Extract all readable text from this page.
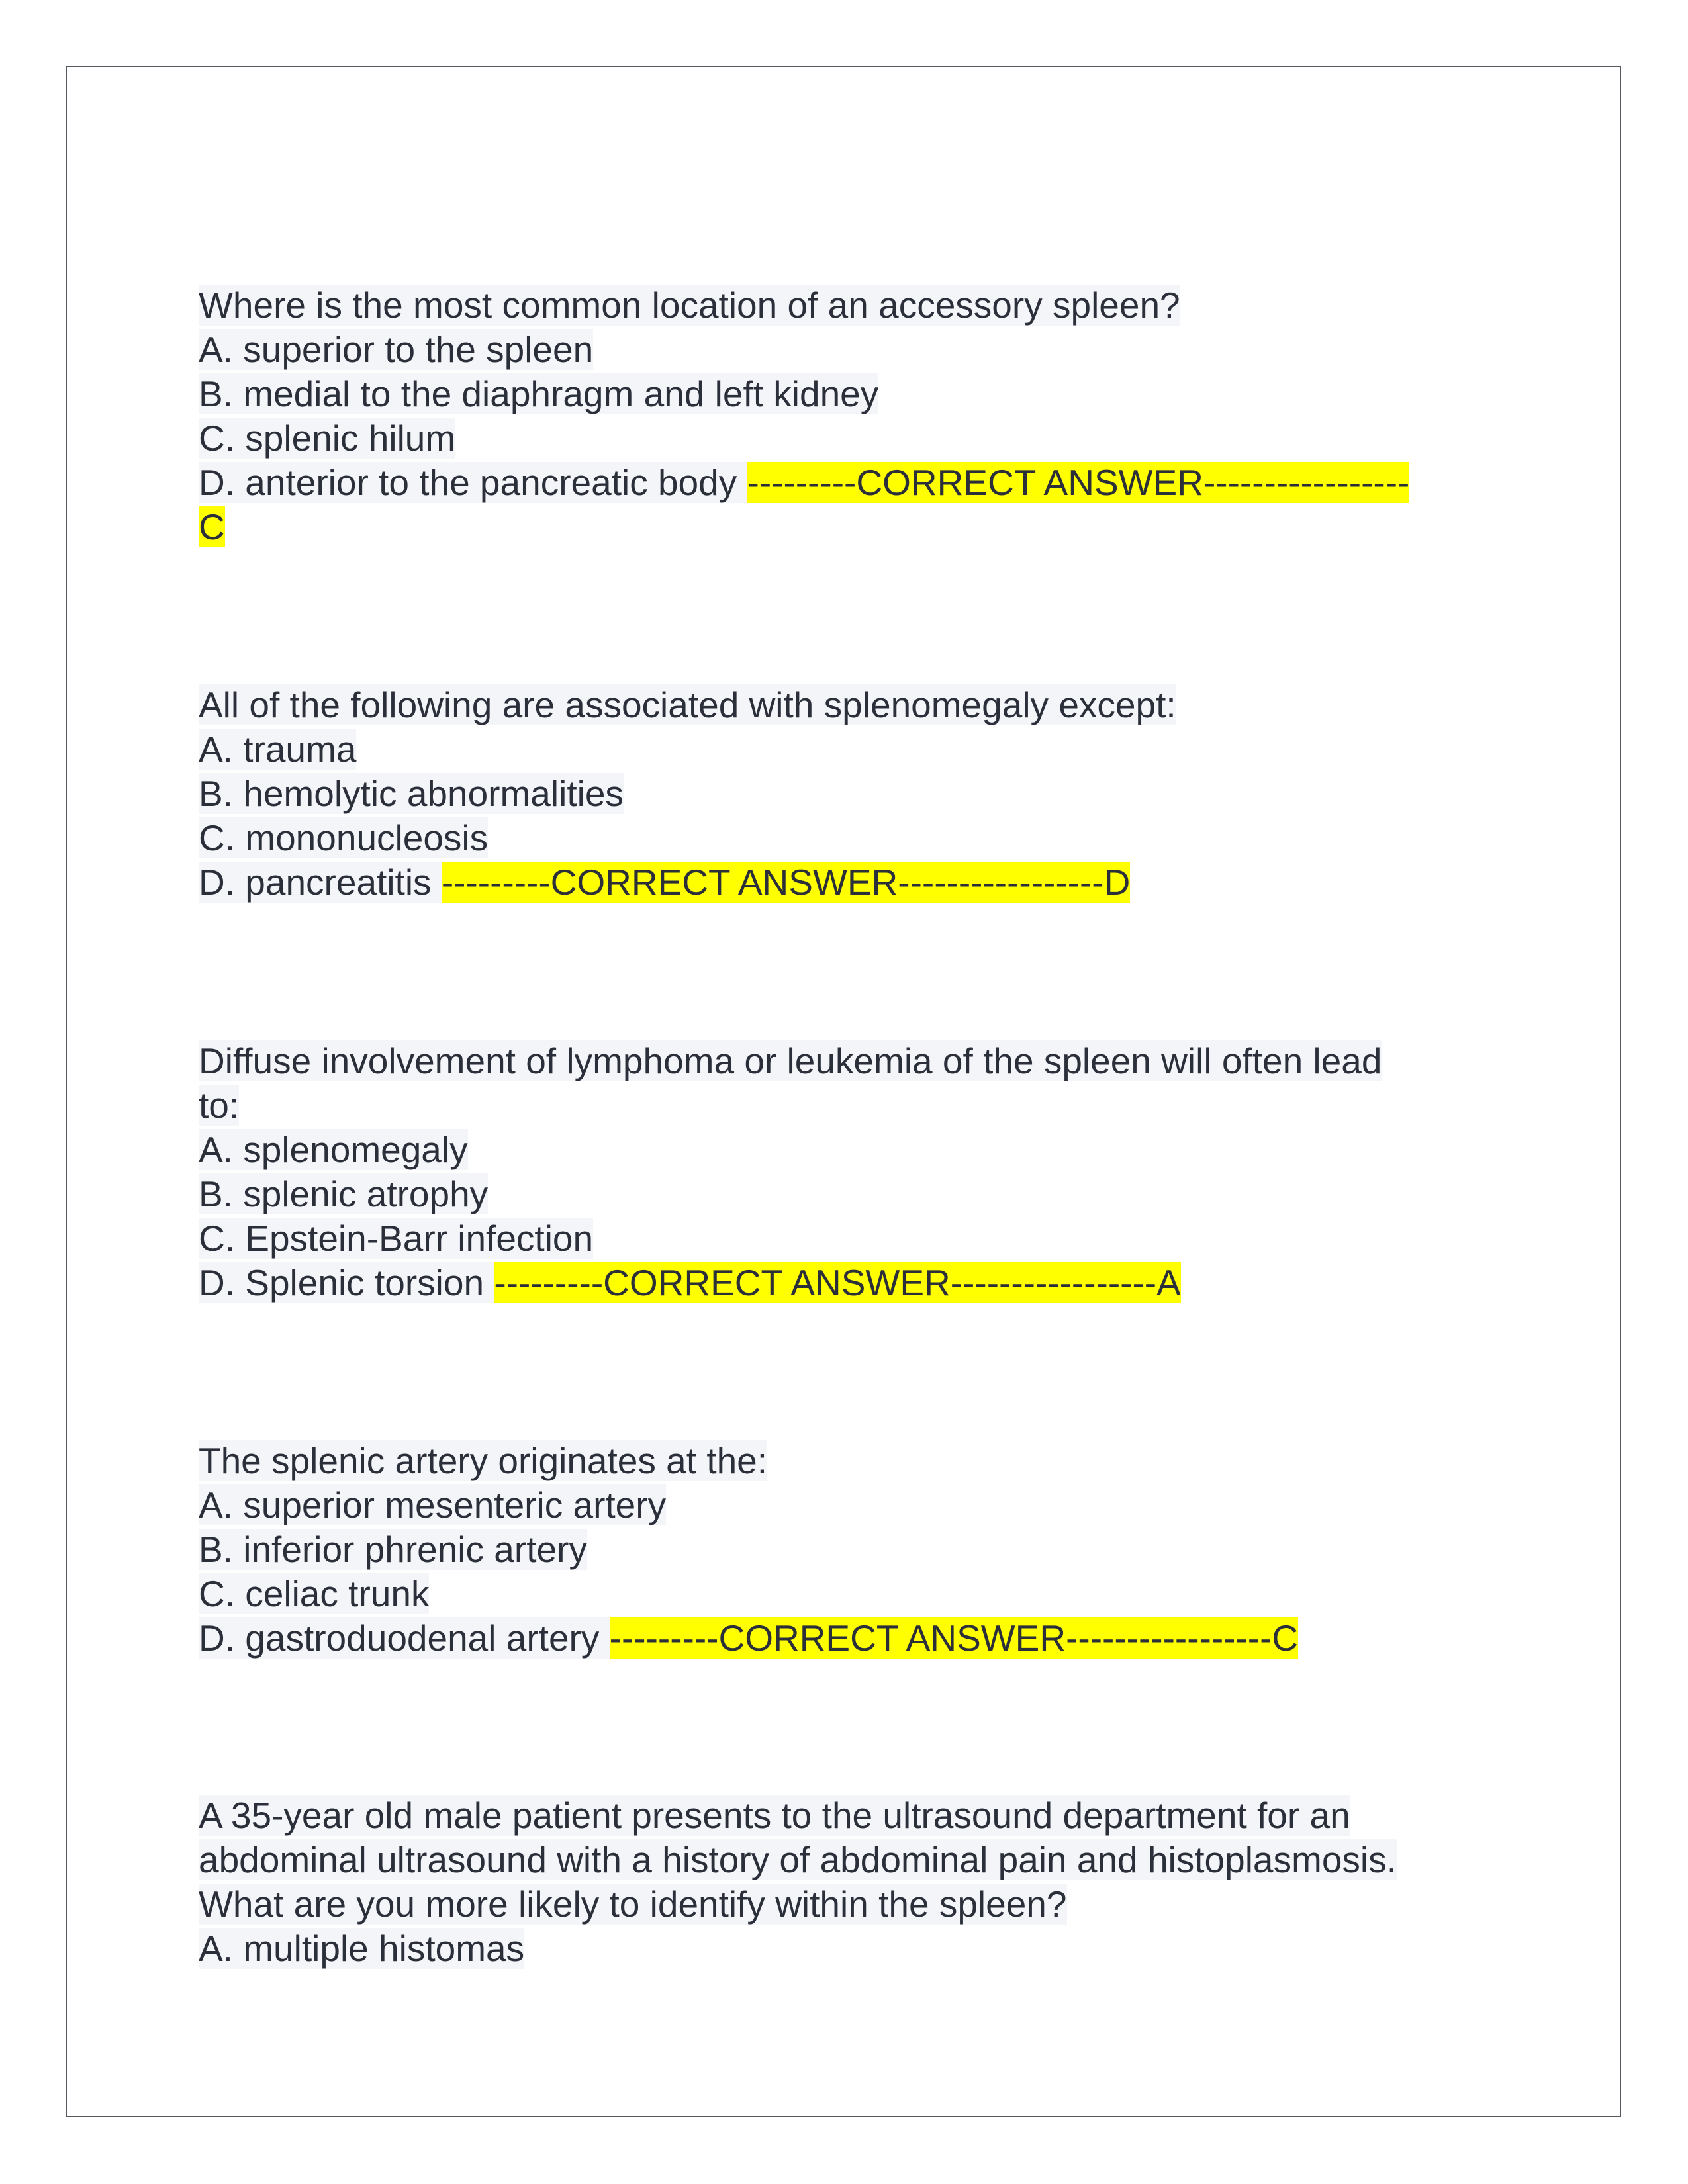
Where is the most common location of an accessory spleen?
A. superior to the spleen
B. medial to the diaphragm and left kidney
C. splenic hilum
D. anterior to the pancreatic body ---------CORRECT ANSWER-----------------
C
All of the following are associated with splenomegaly except:
A. trauma
B. hemolytic abnormalities
C. mononucleosis
D. pancreatitis ---------CORRECT ANSWER-----------------D
Diffuse involvement of lymphoma or leukemia of the spleen will often lead
to:
A. splenomegaly
B. splenic atrophy
C. Epstein-Barr infection
D. Splenic torsion ---------CORRECT ANSWER-----------------A
The splenic artery originates at the:
A. superior mesenteric artery
B. inferior phrenic artery
C. celiac trunk
D. gastroduodenal artery ---------CORRECT ANSWER-----------------C
A 35-year old male patient presents to the ultrasound department for an
abdominal ultrasound with a history of abdominal pain and histoplasmosis.
What are you more likely to identify within the spleen?
A. multiple histomas
